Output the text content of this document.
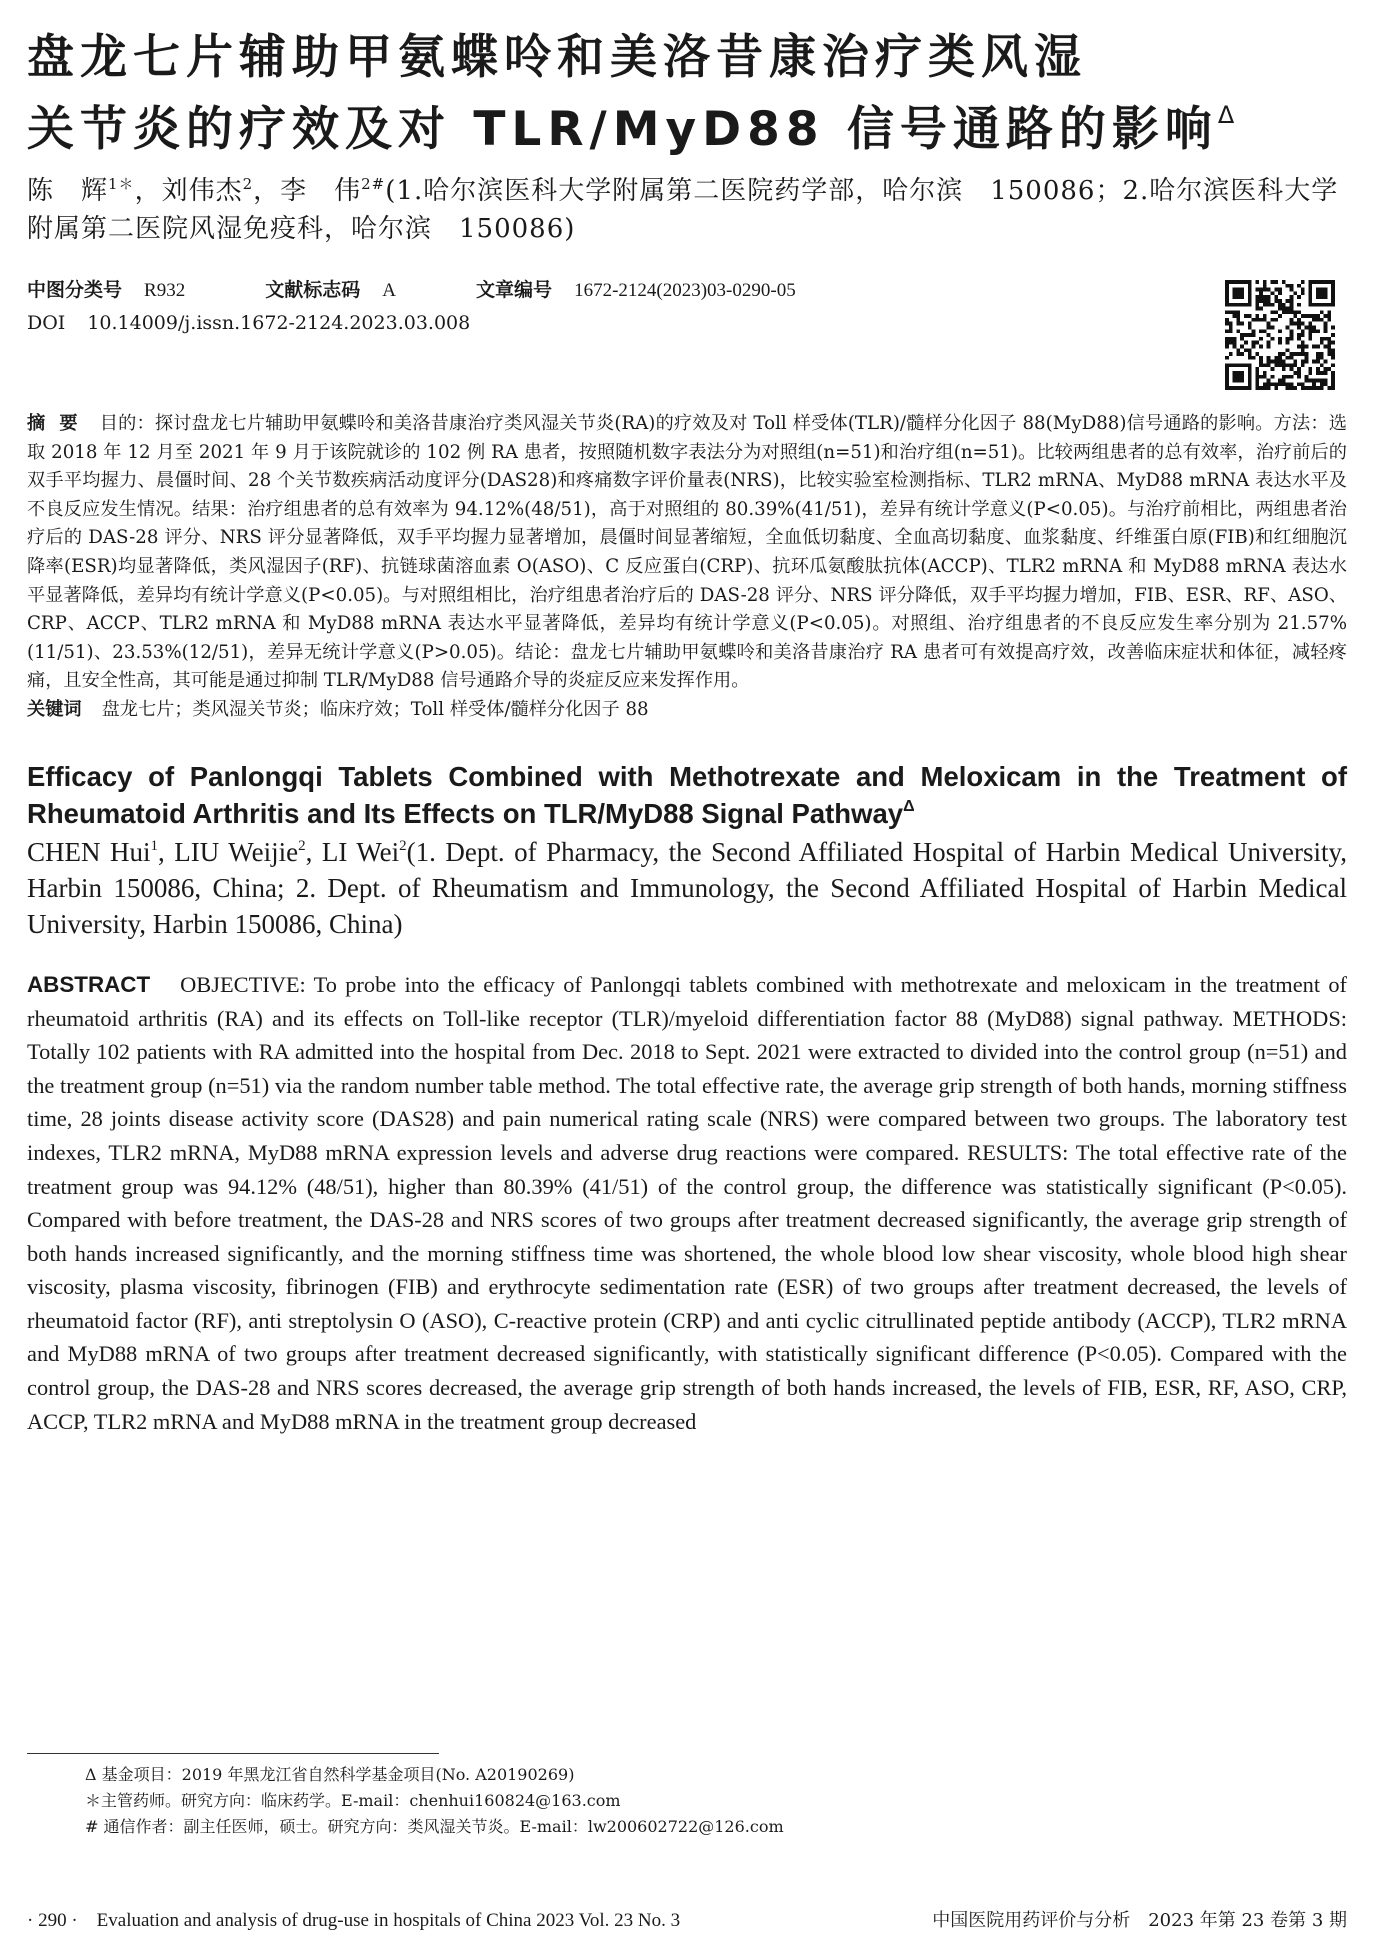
盘龙七片辅助甲氨蝶呤和美洛昔康治疗类风湿
关节炎的疗效及对 TLR/MyD88 信号通路的影响$^\Delta$

陈　辉$^{1*}$，刘伟杰$^2$，李　伟$^{2\#}$(1.哈尔滨医科大学附属第二医院药学部，哈尔滨　150086；2.哈尔滨医科大学附属第二医院风湿免疫科，哈尔滨　150086)

中图分类号 R932	文献标志码 A	文章编号 1672-2124(2023)03-0290-05
DOI 10.14009/j.issn.1672-2124.2023.03.008

摘要 目的：探讨盘龙七片辅助甲氨蝶呤和美洛昔康治疗类风湿关节炎(RA)的疗效及对 Toll 样受体(TLR)/髓样分化因子 88(MyD88)信号通路的影响。方法：选取 2018 年 12 月至 2021 年 9 月于该院就诊的 102 例 RA 患者，按照随机数字表法分为对照组(n=51)和治疗组(n=51)。比较两组患者的总有效率，治疗前后的双手平均握力、晨僵时间、28 个关节数疾病活动度评分(DAS28)和疼痛数字评价量表(NRS)，比较实验室检测指标、TLR2 mRNA、MyD88 mRNA 表达水平及不良反应发生情况。结果：治疗组患者的总有效率为 94.12%(48/51)，高于对照组的 80.39%(41/51)，差异有统计学意义(P<0.05)。与治疗前相比，两组患者治疗后的 DAS-28 评分、NRS 评分显著降低，双手平均握力显著增加，晨僵时间显著缩短，全血低切黏度、全血高切黏度、血浆黏度、纤维蛋白原(FIB)和红细胞沉降率(ESR)均显著降低，类风湿因子(RF)、抗链球菌溶血素 O(ASO)、C 反应蛋白(CRP)、抗环瓜氨酸肽抗体(ACCP)、TLR2 mRNA 和 MyD88 mRNA 表达水平显著降低，差异均有统计学意义(P<0.05)。与对照组相比，治疗组患者治疗后的 DAS-28 评分、NRS 评分降低，双手平均握力增加，FIB、ESR、RF、ASO、CRP、ACCP、TLR2 mRNA 和 MyD88 mRNA 表达水平显著降低，差异均有统计学意义(P<0.05)。对照组、治疗组患者的不良反应发生率分别为 21.57%(11/51)、23.53%(12/51)，差异无统计学意义(P>0.05)。结论：盘龙七片辅助甲氨蝶呤和美洛昔康治疗 RA 患者可有效提高疗效，改善临床症状和体征，减轻疼痛，且安全性高，其可能是通过抑制 TLR/MyD88 信号通路介导的炎症反应来发挥作用。

关键词 盘龙七片；类风湿关节炎；临床疗效；Toll 样受体/髓样分化因子 88

Efficacy of Panlongqi Tablets Combined with Methotrexate and Meloxicam in the Treatment of Rheumatoid Arthritis and Its Effects on TLR/MyD88 Signal Pathway$^\Delta$

CHEN Hui$^1$, LIU Weijie$^2$, LI Wei$^2$(1. Dept. of Pharmacy, the Second Affiliated Hospital of Harbin Medical University, Harbin 150086, China; 2. Dept. of Rheumatism and Immunology, the Second Affiliated Hospital of Harbin Medical University, Harbin 150086, China)

ABSTRACT OBJECTIVE: To probe into the efficacy of Panlongqi tablets combined with methotrexate and meloxicam in the treatment of rheumatoid arthritis (RA) and its effects on Toll-like receptor (TLR)/myeloid differentiation factor 88 (MyD88) signal pathway. METHODS: Totally 102 patients with RA admitted into the hospital from Dec. 2018 to Sept. 2021 were extracted to divided into the control group (n=51) and the treatment group (n=51) via the random number table method. The total effective rate, the average grip strength of both hands, morning stiffness time, 28 joints disease activity score (DAS28) and pain numerical rating scale (NRS) were compared between two groups. The laboratory test indexes, TLR2 mRNA, MyD88 mRNA expression levels and adverse drug reactions were compared. RESULTS: The total effective rate of the treatment group was 94.12% (48/51), higher than 80.39% (41/51) of the control group, the difference was statistically significant (P<0.05). Compared with before treatment, the DAS-28 and NRS scores of two groups after treatment decreased significantly, the average grip strength of both hands increased significantly, and the morning stiffness time was shortened, the whole blood low shear viscosity, whole blood high shear viscosity, plasma viscosity, fibrinogen (FIB) and erythrocyte sedimentation rate (ESR) of two groups after treatment decreased, the levels of rheumatoid factor (RF), anti streptolysin O (ASO), C-reactive protein (CRP) and anti cyclic citrullinated peptide antibody (ACCP), TLR2 mRNA and MyD88 mRNA of two groups after treatment decreased significantly, with statistically significant difference (P<0.05). Compared with the control group, the DAS-28 and NRS scores decreased, the average grip strength of both hands increased, the levels of FIB, ESR, RF, ASO, CRP, ACCP, TLR2 mRNA and MyD88 mRNA in the treatment group decreased

Δ 基金项目：2019 年黑龙江省自然科学基金项目(No. A20190269)
＊主管药师。研究方向：临床药学。E-mail：chenhui160824@163.com
# 通信作者：副主任医师，硕士。研究方向：类风湿关节炎。E-mail：lw200602722@126.com
· 290 ·　Evaluation and analysis of drug-use in hospitals of China 2023 Vol. 23 No. 3	中国医院用药评价与分析　2023 年第 23 卷第 3 期
